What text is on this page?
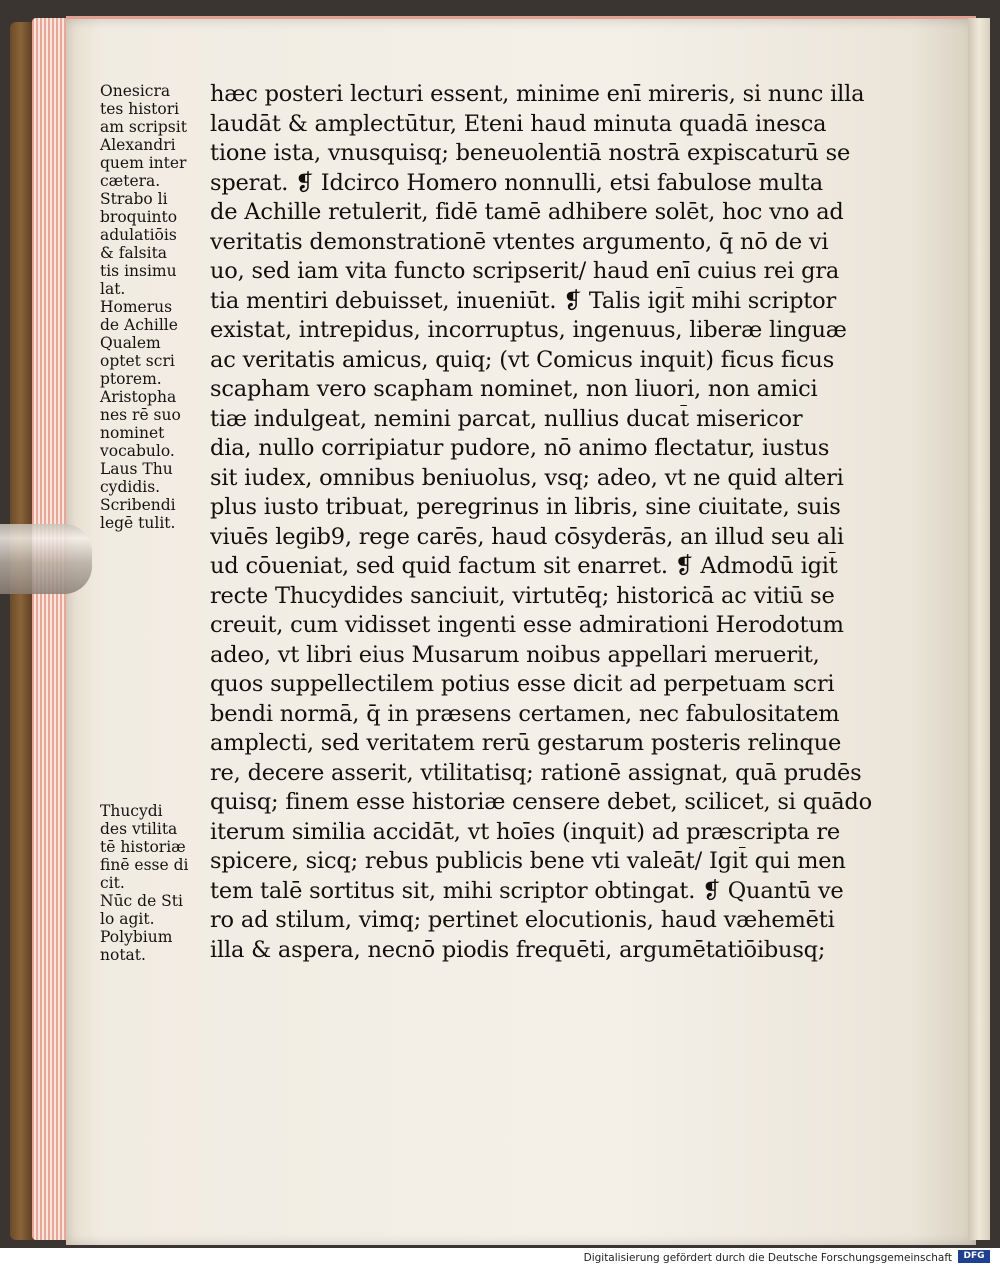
Onesicra
tes histori
am scripsit
Alexandri
quem inter
cætera.
Strabo li
broquinto
adulatiōis
& falsita
tis insimu
lat.
Homerus
de Achille
Qualem
optet scri
ptorem.
Aristopha
nes rē suo
nominet
vocabulo.
Laus Thu
cydidis.
Scribendi
legē tulit.
Thucydi
des vtilita
tē historiæ
finē esse di
cit.
Nūc de Sti
lo agit.
Polybium
notat.
hæc posteri lecturi essent, minime enī mireris, si nunc illa
laudāt & amplectūtur, Eteni haud minuta quadā inesca
tione ista, vnusquisq; beneuolentiā nostrā expiscaturū se
sperat. ❡ Idcirco Homero nonnulli, etsi fabulose multa
de Achille retulerit, fidē tamē adhibere solēt, hoc vno ad
veritatis demonstrationē vtentes argumento, q̄ nō de vi
uo, sed iam vita functo scripserit/ haud enī cuius rei gra
tia mentiri debuisset, inueniūt. ❡ Talis igit̄ mihi scriptor
existat, intrepidus, incorruptus, ingenuus, liberæ linguæ
ac veritatis amicus, quiq; (vt Comicus inquit) ficus ficus
scapham vero scapham nominet, non liuori, non amici
tiæ indulgeat, nemini parcat, nullius ducat̄ misericor
dia, nullo corripiatur pudore, nō animo flectatur, iustus
sit iudex, omnibus beniuolus, vsq; adeo, vt ne quid alteri
plus iusto tribuat, peregrinus in libris, sine ciuitate, suis
viuēs legib9, rege carēs, haud cōsyderās, an illud seu ali
ud cōueniat, sed quid factum sit enarret. ❡ Admodū igit̄
recte Thucydides sanciuit, virtutēq; historicā ac vitiū se
creuit, cum vidisset ingenti esse admirationi Herodotum
adeo, vt libri eius Musarum noibus appellari meruerit,
quos suppellectilem potius esse dicit ad perpetuam scri
bendi normā, q̄ in præsens certamen, nec fabulositatem
amplecti, sed veritatem rerū gestarum posteris relinque
re, decere asserit, vtilitatisq; rationē assignat, quā prudēs
quisq; finem esse historiæ censere debet, scilicet, si quādo
iterum similia accidāt, vt hoīes (inquit) ad præscripta re
spicere, sicq; rebus publicis bene vti valeāt/ Igit̄ qui men
tem talē sortitus sit, mihi scriptor obtingat. ❡ Quantū ve
ro ad stilum, vimq; pertinet elocutionis, haud væhemēti
illa & aspera, necnō piodis frequēti, argumētatiōibusq;
Digitalisierung gefördert durch die Deutsche Forschungsgemeinschaft	DFG
